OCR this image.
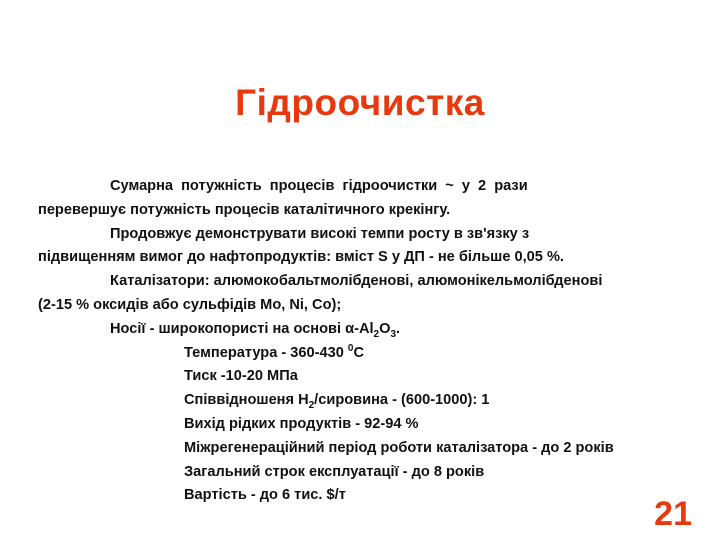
Гідроочистка
Сумарна потужність процесів гідроочистки ~ у 2 рази
перевершує потужність процесів каталітичного крекінгу.
Продовжує демонструвати високі темпи росту в зв'язку з
підвищенням вимог до нафтопродуктів: вміст S у ДП - не більше 0,05 %.
Каталізатори: алюмокобальтмолібденові, алюмонікельмолібденові
(2-15 % оксидів або сульфідів Mo, Ni, Co);
Носії - широкопористі на основі $\alpha-Al_2O_3$.
Температура - 360-430 $^0$С
Тиск -10-20 МПа
Співвідношеня $Н_2$/сировина - (600-1000): 1
Вихід рідких продуктів - 92-94 %
Міжрегенераційний період роботи каталізатора - до 2 років
Загальний строк експлуатації - до 8 років
Вартість - до 6 тис. $/т	21
